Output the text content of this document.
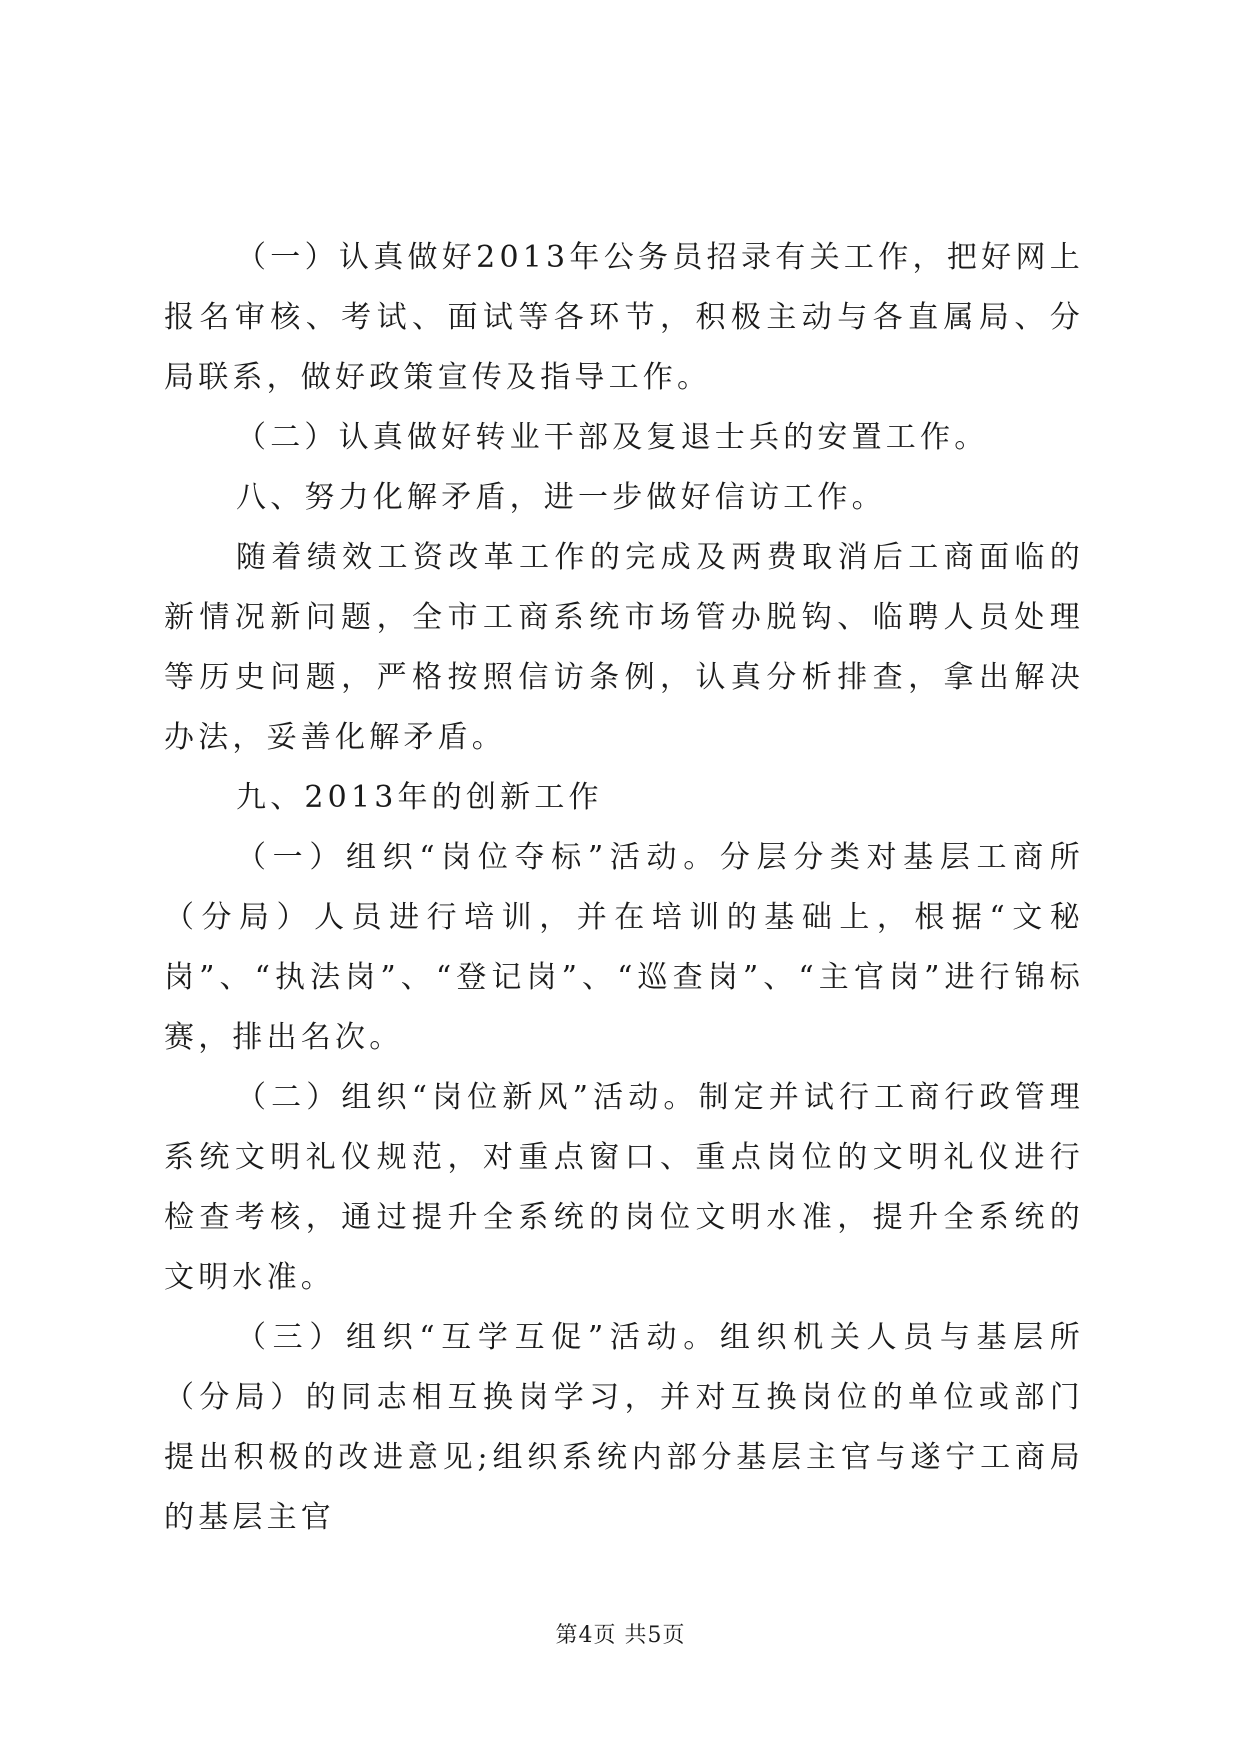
（一）认真做好2013年公务员招录有关工作，把好网上报名审核、考试、面试等各环节，积极主动与各直属局、分局联系，做好政策宣传及指导工作。

（二）认真做好转业干部及复退士兵的安置工作。

八、努力化解矛盾，进一步做好信访工作。

随着绩效工资改革工作的完成及两费取消后工商面临的新情况新问题，全市工商系统市场管办脱钩、临聘人员处理等历史问题，严格按照信访条例，认真分析排查，拿出解决办法，妥善化解矛盾。

九、2013年的创新工作

（一）组织“岗位夺标”活动。分层分类对基层工商所（分局）人员进行培训，并在培训的基础上，根据“文秘岗”、“执法岗”、“登记岗”、“巡查岗”、“主官岗”进行锦标赛，排出名次。

（二）组织“岗位新风”活动。制定并试行工商行政管理系统文明礼仪规范，对重点窗口、重点岗位的文明礼仪进行检查考核，通过提升全系统的岗位文明水准，提升全系统的文明水准。

（三）组织“互学互促”活动。组织机关人员与基层所（分局）的同志相互换岗学习，并对互换岗位的单位或部门提出积极的改进意见;组织系统内部分基层主官与遂宁工商局的基层主官

第4页 共5页
